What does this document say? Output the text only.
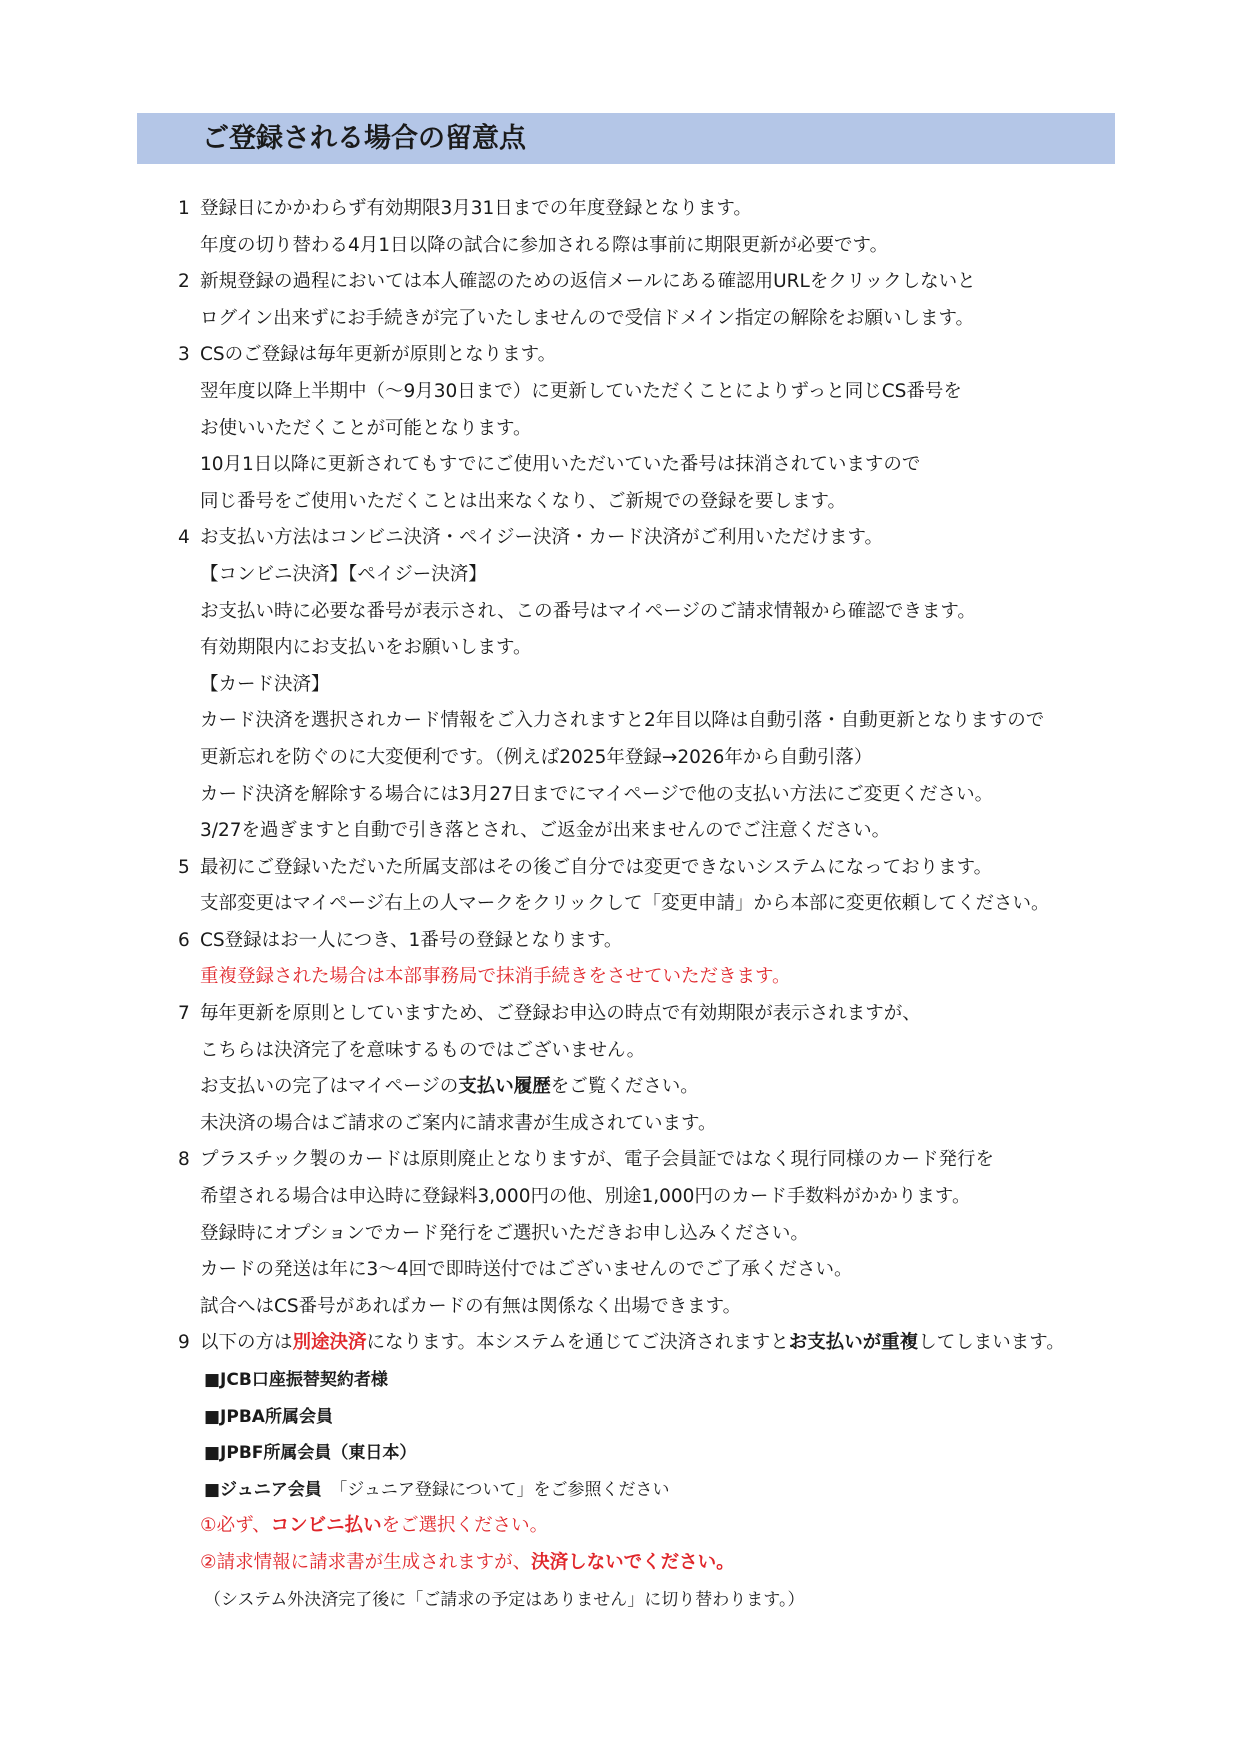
ご登録される場合の留意点
1 登録日にかかわらず有効期限3月31日までの年度登録となります。
年度の切り替わる4月1日以降の試合に参加される際は事前に期限更新が必要です。
2 新規登録の過程においては本人確認のための返信メールにある確認用URLをクリックしないと
ログイン出来ずにお手続きが完了いたしませんので受信ドメイン指定の解除をお願いします。
3 CSのご登録は毎年更新が原則となります。
翌年度以降上半期中（～9月30日まで）に更新していただくことによりずっと同じCS番号を
お使いいただくことが可能となります。
10月1日以降に更新されてもすでにご使用いただいていた番号は抹消されていますので
同じ番号をご使用いただくことは出来なくなり、ご新規での登録を要します。
4 お支払い方法はコンビニ決済・ペイジー決済・カード決済がご利用いただけます。
【コンビニ決済】【ペイジー決済】
お支払い時に必要な番号が表示され、この番号はマイページのご請求情報から確認できます。
有効期限内にお支払いをお願いします。
【カード決済】
カード決済を選択されカード情報をご入力されますと2年目以降は自動引落・自動更新となりますので
更新忘れを防ぐのに大変便利です。（例えば2025年登録→2026年から自動引落）
カード決済を解除する場合には3月27日までにマイページで他の支払い方法にご変更ください。
3/27を過ぎますと自動で引き落とされ、ご返金が出来ませんのでご注意ください。
5 最初にご登録いただいた所属支部はその後ご自分では変更できないシステムになっております。
支部変更はマイページ右上の人マークをクリックして「変更申請」から本部に変更依頼してください。
6 CS登録はお一人につき、1番号の登録となります。
重複登録された場合は本部事務局で抹消手続きをさせていただきます。
7 毎年更新を原則としていますため、ご登録お申込の時点で有効期限が表示されますが、
こちらは決済完了を意味するものではございません。
お支払いの完了はマイページの支払い履歴をご覧ください。
未決済の場合はご請求のご案内に請求書が生成されています。
8 プラスチック製のカードは原則廃止となりますが、電子会員証ではなく現行同様のカード発行を
希望される場合は申込時に登録料3,000円の他、別途1,000円のカード手数料がかかります。
登録時にオプションでカード発行をご選択いただきお申し込みください。
カードの発送は年に3～4回で即時送付ではございませんのでご了承ください。
試合へはCS番号があればカードの有無は関係なく出場できます。
9 以下の方は別途決済になります。本システムを通じてご決済されますとお支払いが重複してしまいます。
■JCB口座振替契約者様
■JPBA所属会員
■JPBF所属会員（東日本）
■ジュニア会員　「ジュニア登録について」をご参照ください
①必ず、コンビニ払いをご選択ください。
②請求情報に請求書が生成されますが、決済しないでください。
（システム外決済完了後に「ご請求の予定はありません」に切り替わります。）
